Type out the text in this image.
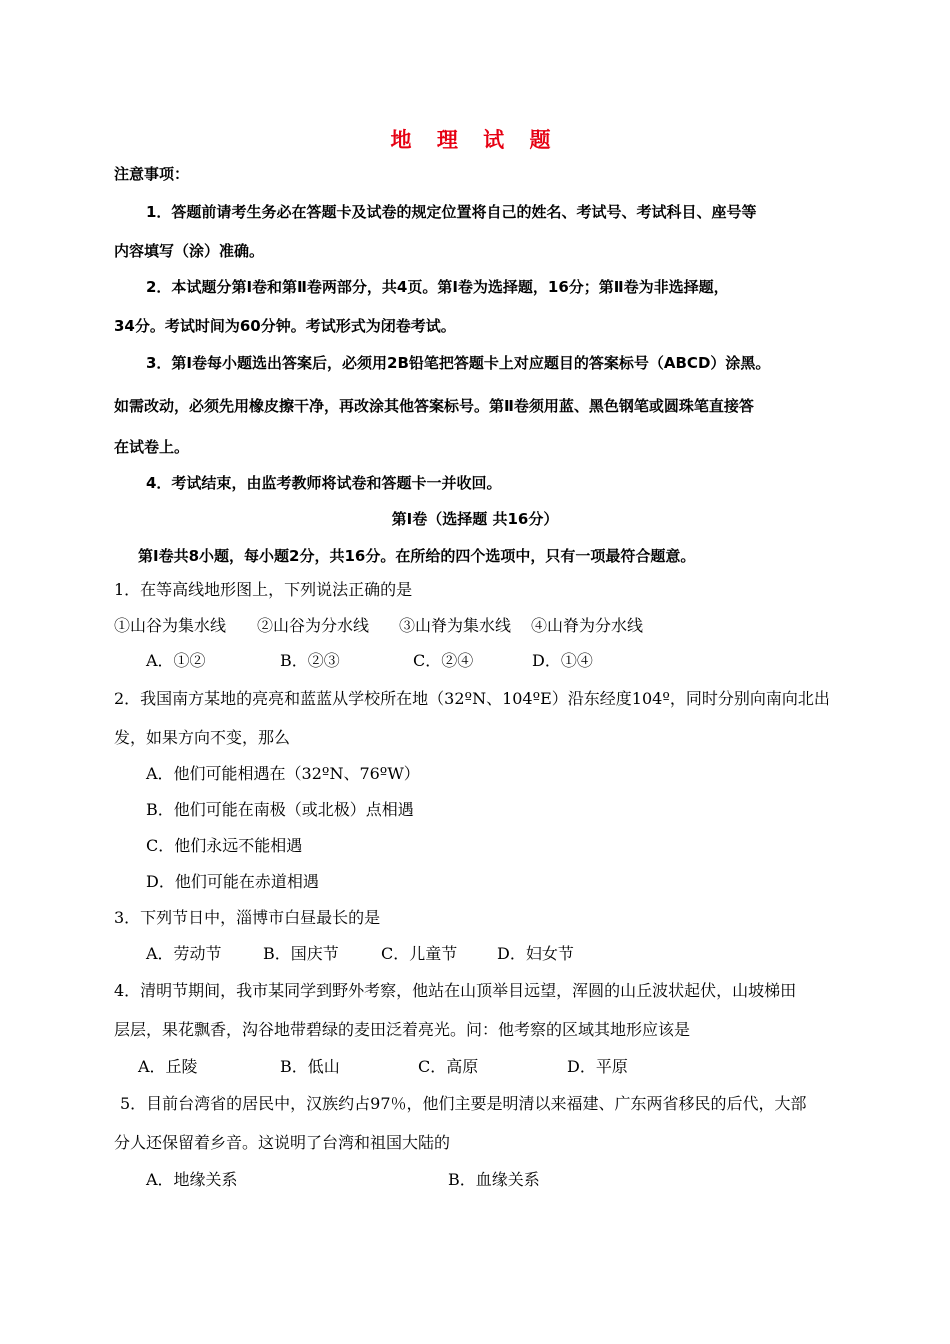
地 理 试 题
注意事项：
1．答题前请考生务必在答题卡及试卷的规定位置将自己的姓名、考试号、考试科目、座号等
内容填写（涂）准确。
2．本试题分第Ⅰ卷和第Ⅱ卷两部分，共4页。第Ⅰ卷为选择题，16分；第Ⅱ卷为非选择题，
34分。考试时间为60分钟。考试形式为闭卷考试。
3．第Ⅰ卷每小题选出答案后，必须用2B铅笔把答题卡上对应题目的答案标号（ABCD）涂黑。
如需改动，必须先用橡皮擦干净，再改涂其他答案标号。第Ⅱ卷须用蓝、黑色钢笔或圆珠笔直接答
在试卷上。
4．考试结束，由监考教师将试卷和答题卡一并收回。
第Ⅰ卷（选择题 共16分）
第Ⅰ卷共8小题，每小题2分，共16分。在所给的四个选项中，只有一项最符合题意。
1．在等高线地形图上，下列说法正确的是
①山谷为集水线 ②山谷为分水线 ③山脊为集水线 ④山脊为分水线
A．①②	B．②③	C．②④	D．①④
2．我国南方某地的亮亮和蓝蓝从学校所在地（32ºN、104ºE）沿东经度104º，同时分别向南向北出
发，如果方向不变，那么
A．他们可能相遇在（32ºN、76ºW）
B．他们可能在南极（或北极）点相遇
C．他们永远不能相遇
D．他们可能在赤道相遇
3．下列节日中，淄博市白昼最长的是
A．劳动节	B．国庆节	C．儿童节 D．妇女节
4．清明节期间，我市某同学到野外考察，他站在山顶举目远望，浑圆的山丘波状起伏，山坡梯田
层层，果花飘香，沟谷地带碧绿的麦田泛着亮光。问：他考察的区域其地形应该是
A．丘陵	B．低山	C．高原	D．平原
5．目前台湾省的居民中，汉族约占97％，他们主要是明清以来福建、广东两省移民的后代，大部
分人还保留着乡音。这说明了台湾和祖国大陆的
A．地缘关系	B．血缘关系
